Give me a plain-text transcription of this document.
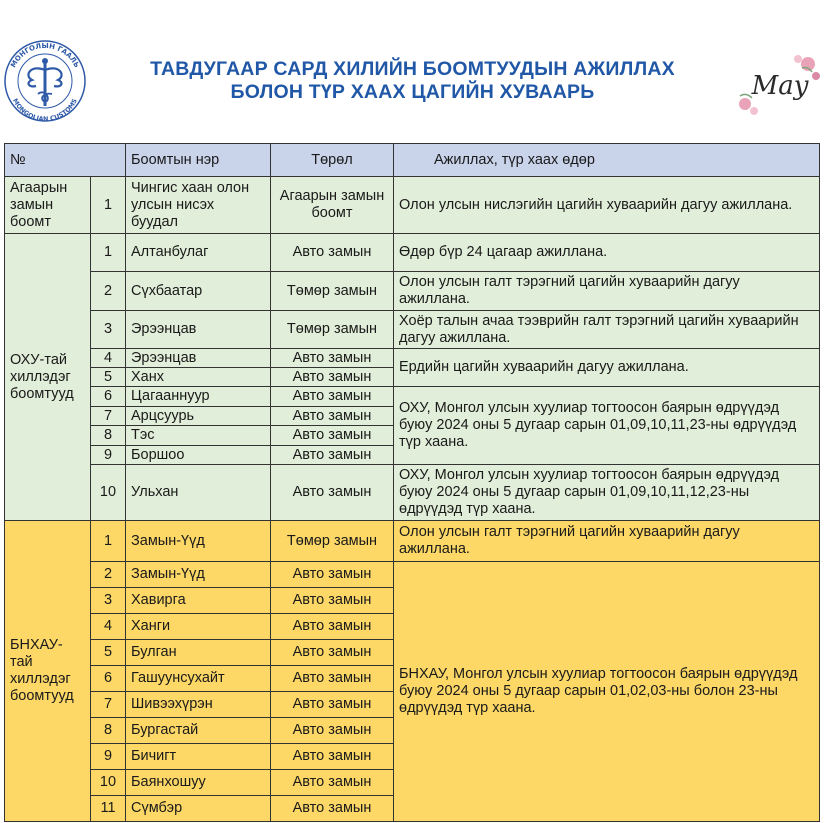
МОНГОЛЫН ГААЛЬ
MONGOLIAN CUSTOMS
ТАВДУГААР САРД ХИЛИЙН БООМТУУДЫН АЖИЛЛАХ
БОЛОН ТҮР ХААХ ЦАГИЙН ХУВААРЬ	May
№		Боомтын нэр	Төрөл	Ажиллах, түр хаах өдөр
Агаарын замын боомт	1	Чингис хаан олон улсын нисэх буудал	Агаарын замын боомт	Олон улсын нислэгийн цагийн хуваарийн дагуу ажиллана.
ОХУ-тай хиллэдэг боомтууд	1	Алтанбулаг	Авто замын	Өдөр бүр 24 цагаар ажиллана.
	2	Сүхбаатар	Төмөр замын	Олон улсын галт тэрэгний цагийн хуваарийн дагуу ажиллана.
	3	Эрээнцав	Төмөр замын	Хоёр талын ачаа тээврийн галт тэрэгний цагийн хуваарийн дагуу ажиллана.
	4	Эрээнцав	Авто замын	Ердийн цагийн хуваарийн дагуу ажиллана.
	5	Ханх	Авто замын	
	6	Цагааннуур	Авто замын	ОХУ, Монгол улсын хуулиар тогтоосон баярын өдрүүдэд буюу 2024 оны 5 дугаар сарын 01,09,10,11,23-ны өдрүүдэд түр хаана.
	7	Арцсуурь	Авто замын	
	8	Тэс	Авто замын	
	9	Боршоо	Авто замын	
	10	Ульхан	Авто замын	ОХУ, Монгол улсын хуулиар тогтоосон баярын өдрүүдэд буюу 2024 оны 5 дугаар сарын 01,09,10,11,12,23-ны өдрүүдэд түр хаана.
БНХАУ-тай хиллэдэг боомтууд	1	Замын-Үүд	Төмөр замын	Олон улсын галт тэрэгний цагийн хуваарийн дагуу ажиллана.
	2	Замын-Үүд	Авто замын	БНХАУ, Монгол улсын хуулиар тогтоосон баярын өдрүүдэд буюу 2024 оны 5 дугаар сарын 01,02,03-ны болон 23-ны өдрүүдэд түр хаана.
	3	Хавирга	Авто замын	
	4	Ханги	Авто замын	
	5	Булган	Авто замын	
	6	Гашуунсухайт	Авто замын	
	7	Шивээхүрэн	Авто замын	
	8	Бургастай	Авто замын	
	9	Бичигт	Авто замын	
	10	Баянхошуу	Авто замын	
	11	Сүмбэр	Авто замын	
